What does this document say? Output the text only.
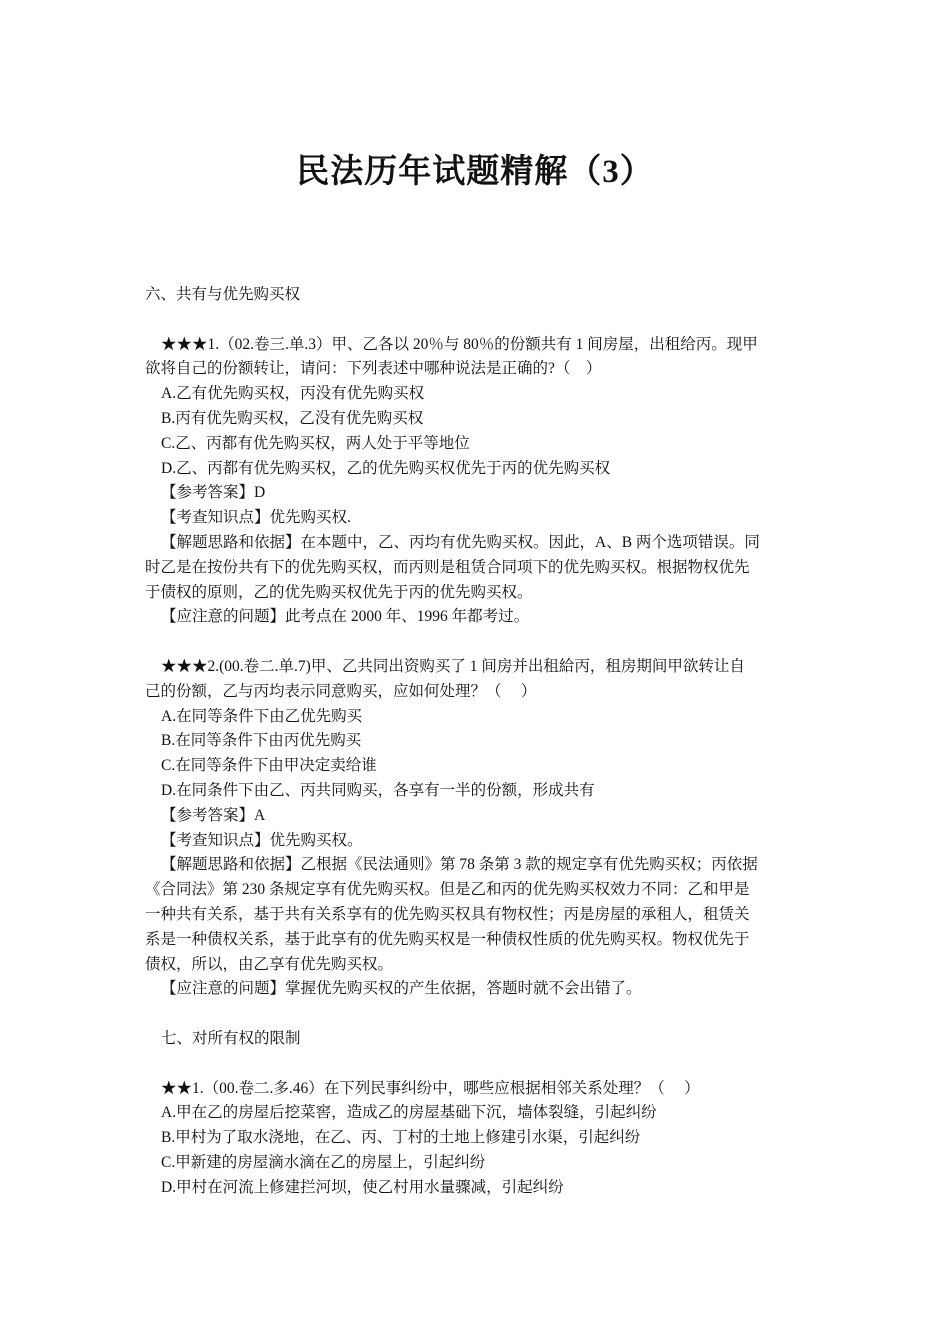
民法历年试题精解（3）
六、共有与优先购买权
★★★1.（02.卷三.单.3）甲、乙各以 20％与 80％的份额共有 1 间房屋，出租给丙。现甲
欲将自己的份额转让，请问：下列表述中哪种说法是正确的?（　）
A.乙有优先购买权，丙没有优先购买权
B.丙有优先购买权，乙没有优先购买权
C.乙、丙都有优先购买权，两人处于平等地位
D.乙、丙都有优先购买权，乙的优先购买权优先于丙的优先购买权
【参考答案】D
【考查知识点】优先购买权.
【解题思路和依据】在本题中，乙、丙均有优先购买权。因此，A、B 两个选项错误。同
时乙是在按份共有下的优先购买权，而丙则是租赁合同项下的优先购买权。根据物权优先
于债权的原则，乙的优先购买权优先于丙的优先购买权。
【应注意的问题】此考点在 2000 年、1996 年都考过。
★★★2.(00.卷二.单.7)甲、乙共同出资购买了 1 间房并出租給丙，租房期间甲欲转让自
己的份额，乙与丙均表示同意购买，应如何处理？（　 ）
A.在同等条件下由乙优先购买
B.在同等条件下由丙优先购买
C.在同等条件下由甲决定卖给谁
D.在同条件下由乙、丙共同购买，各享有一半的份额，形成共有
【参考答案】A
【考查知识点】优先购买权。
【解题思路和依据】乙根据《民法通则》第 78 条第 3 款的规定享有优先购买权；丙依据
《合同法》第 230 条规定享有优先购买权。但是乙和丙的优先购买权效力不同：乙和甲是
一种共有关系，基于共有关系享有的优先购买权具有物权性；丙是房屋的承租人，租赁关
系是一种债权关系，基于此享有的优先购买权是一种债权性质的优先购买权。物权优先于
债权，所以，由乙享有优先购买权。
【应注意的问题】掌握优先购买权的产生依据，答题时就不会出错了。
七、对所有权的限制
★★1.（00.卷二.多.46）在下列民事纠纷中，哪些应根据相邻关系处理？（　 ）
A.甲在乙的房屋后挖菜窖，造成乙的房屋基础下沉，墙体裂缝，引起纠纷
B.甲村为了取水浇地，在乙、丙、丁村的土地上修建引水渠，引起纠纷
C.甲新建的房屋滴水滴在乙的房屋上，引起纠纷
D.甲村在河流上修建拦河坝，使乙村用水量骤减，引起纠纷
